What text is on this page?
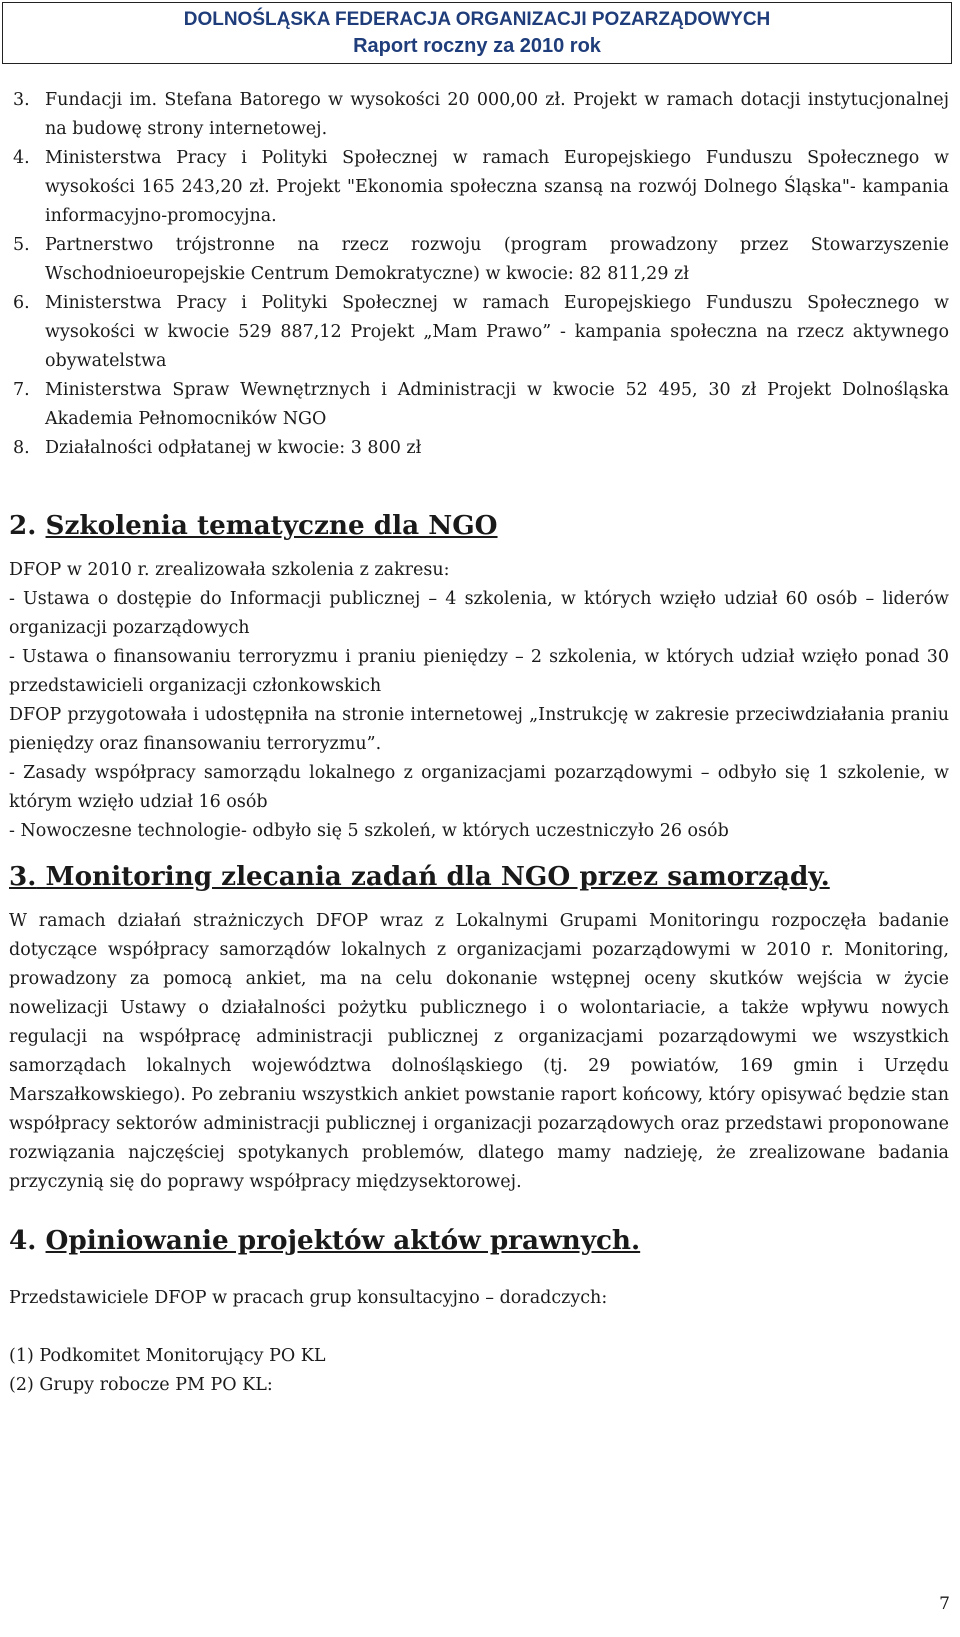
DOLNOŚLĄSKA FEDERACJA ORGANIZACJI POZARZĄDOWYCH
Raport roczny za 2010 rok
3. Fundacji im. Stefana Batorego w wysokości 20 000,00 zł. Projekt w ramach dotacji instytucjonalnej na budowę strony internetowej.
4. Ministerstwa Pracy i Polityki Społecznej w ramach Europejskiego Funduszu Społecznego w wysokości 165 243,20 zł. Projekt "Ekonomia społeczna szansą na rozwój Dolnego Śląska"- kampania informacyjno-promocyjna.
5. Partnerstwo trójstronne na rzecz rozwoju (program prowadzony przez Stowarzyszenie Wschodnioeuropejskie Centrum Demokratyczne) w kwocie: 82 811,29 zł
6. Ministerstwa Pracy i Polityki Społecznej w ramach Europejskiego Funduszu Społecznego w wysokości w kwocie 529 887,12 Projekt „Mam Prawo” - kampania społeczna na rzecz aktywnego obywatelstwa
7. Ministerstwa Spraw Wewnętrznych i Administracji w kwocie 52 495, 30 zł Projekt Dolnośląska Akademia Pełnomocników NGO
8. Działalności odpłatanej w kwocie: 3 800 zł
2. Szkolenia tematyczne dla NGO

DFOP w 2010 r. zrealizowała szkolenia z zakresu:

- Ustawa o dostępie do Informacji publicznej – 4 szkolenia, w których wzięło udział 60 osób – liderów organizacji pozarządowych

- Ustawa o finansowaniu terroryzmu i praniu pieniędzy – 2 szkolenia, w których udział wzięło ponad 30 przedstawicieli organizacji członkowskich

DFOP przygotowała i udostępniła na stronie internetowej „Instrukcję w zakresie przeciwdziałania praniu pieniędzy oraz finansowaniu terroryzmu”.

- Zasady współpracy samorządu lokalnego z organizacjami pozarządowymi – odbyło się 1 szkolenie, w którym wzięło udział 16 osób

- Nowoczesne technologie- odbyło się 5 szkoleń, w których uczestniczyło 26 osób

3. Monitoring zlecania zadań dla NGO przez samorządy.

W ramach działań strażniczych DFOP wraz z Lokalnymi Grupami Monitoringu rozpoczęła badanie dotyczące współpracy samorządów lokalnych z organizacjami pozarządowymi w 2010 r. Monitoring, prowadzony za pomocą ankiet, ma na celu dokonanie wstępnej oceny skutków wejścia w życie nowelizacji Ustawy o działalności pożytku publicznego i o wolontariacie, a także wpływu nowych regulacji na współpracę administracji publicznej z organizacjami pozarządowymi we wszystkich samorządach lokalnych województwa dolnośląskiego (tj. 29 powiatów, 169 gmin i Urzędu Marszałkowskiego). Po zebraniu wszystkich ankiet powstanie raport końcowy, który opisywać będzie stan współpracy sektorów administracji publicznej i organizacji pozarządowych oraz przedstawi proponowane rozwiązania najczęściej spotykanych problemów, dlatego mamy nadzieję, że zrealizowane badania przyczynią się do poprawy współpracy międzysektorowej.

4. Opiniowanie projektów aktów prawnych.

Przedstawiciele DFOP w pracach grup konsultacyjno – doradczych:

(1) Podkomitet Monitorujący PO KL

(2) Grupy robocze PM PO KL:

7
